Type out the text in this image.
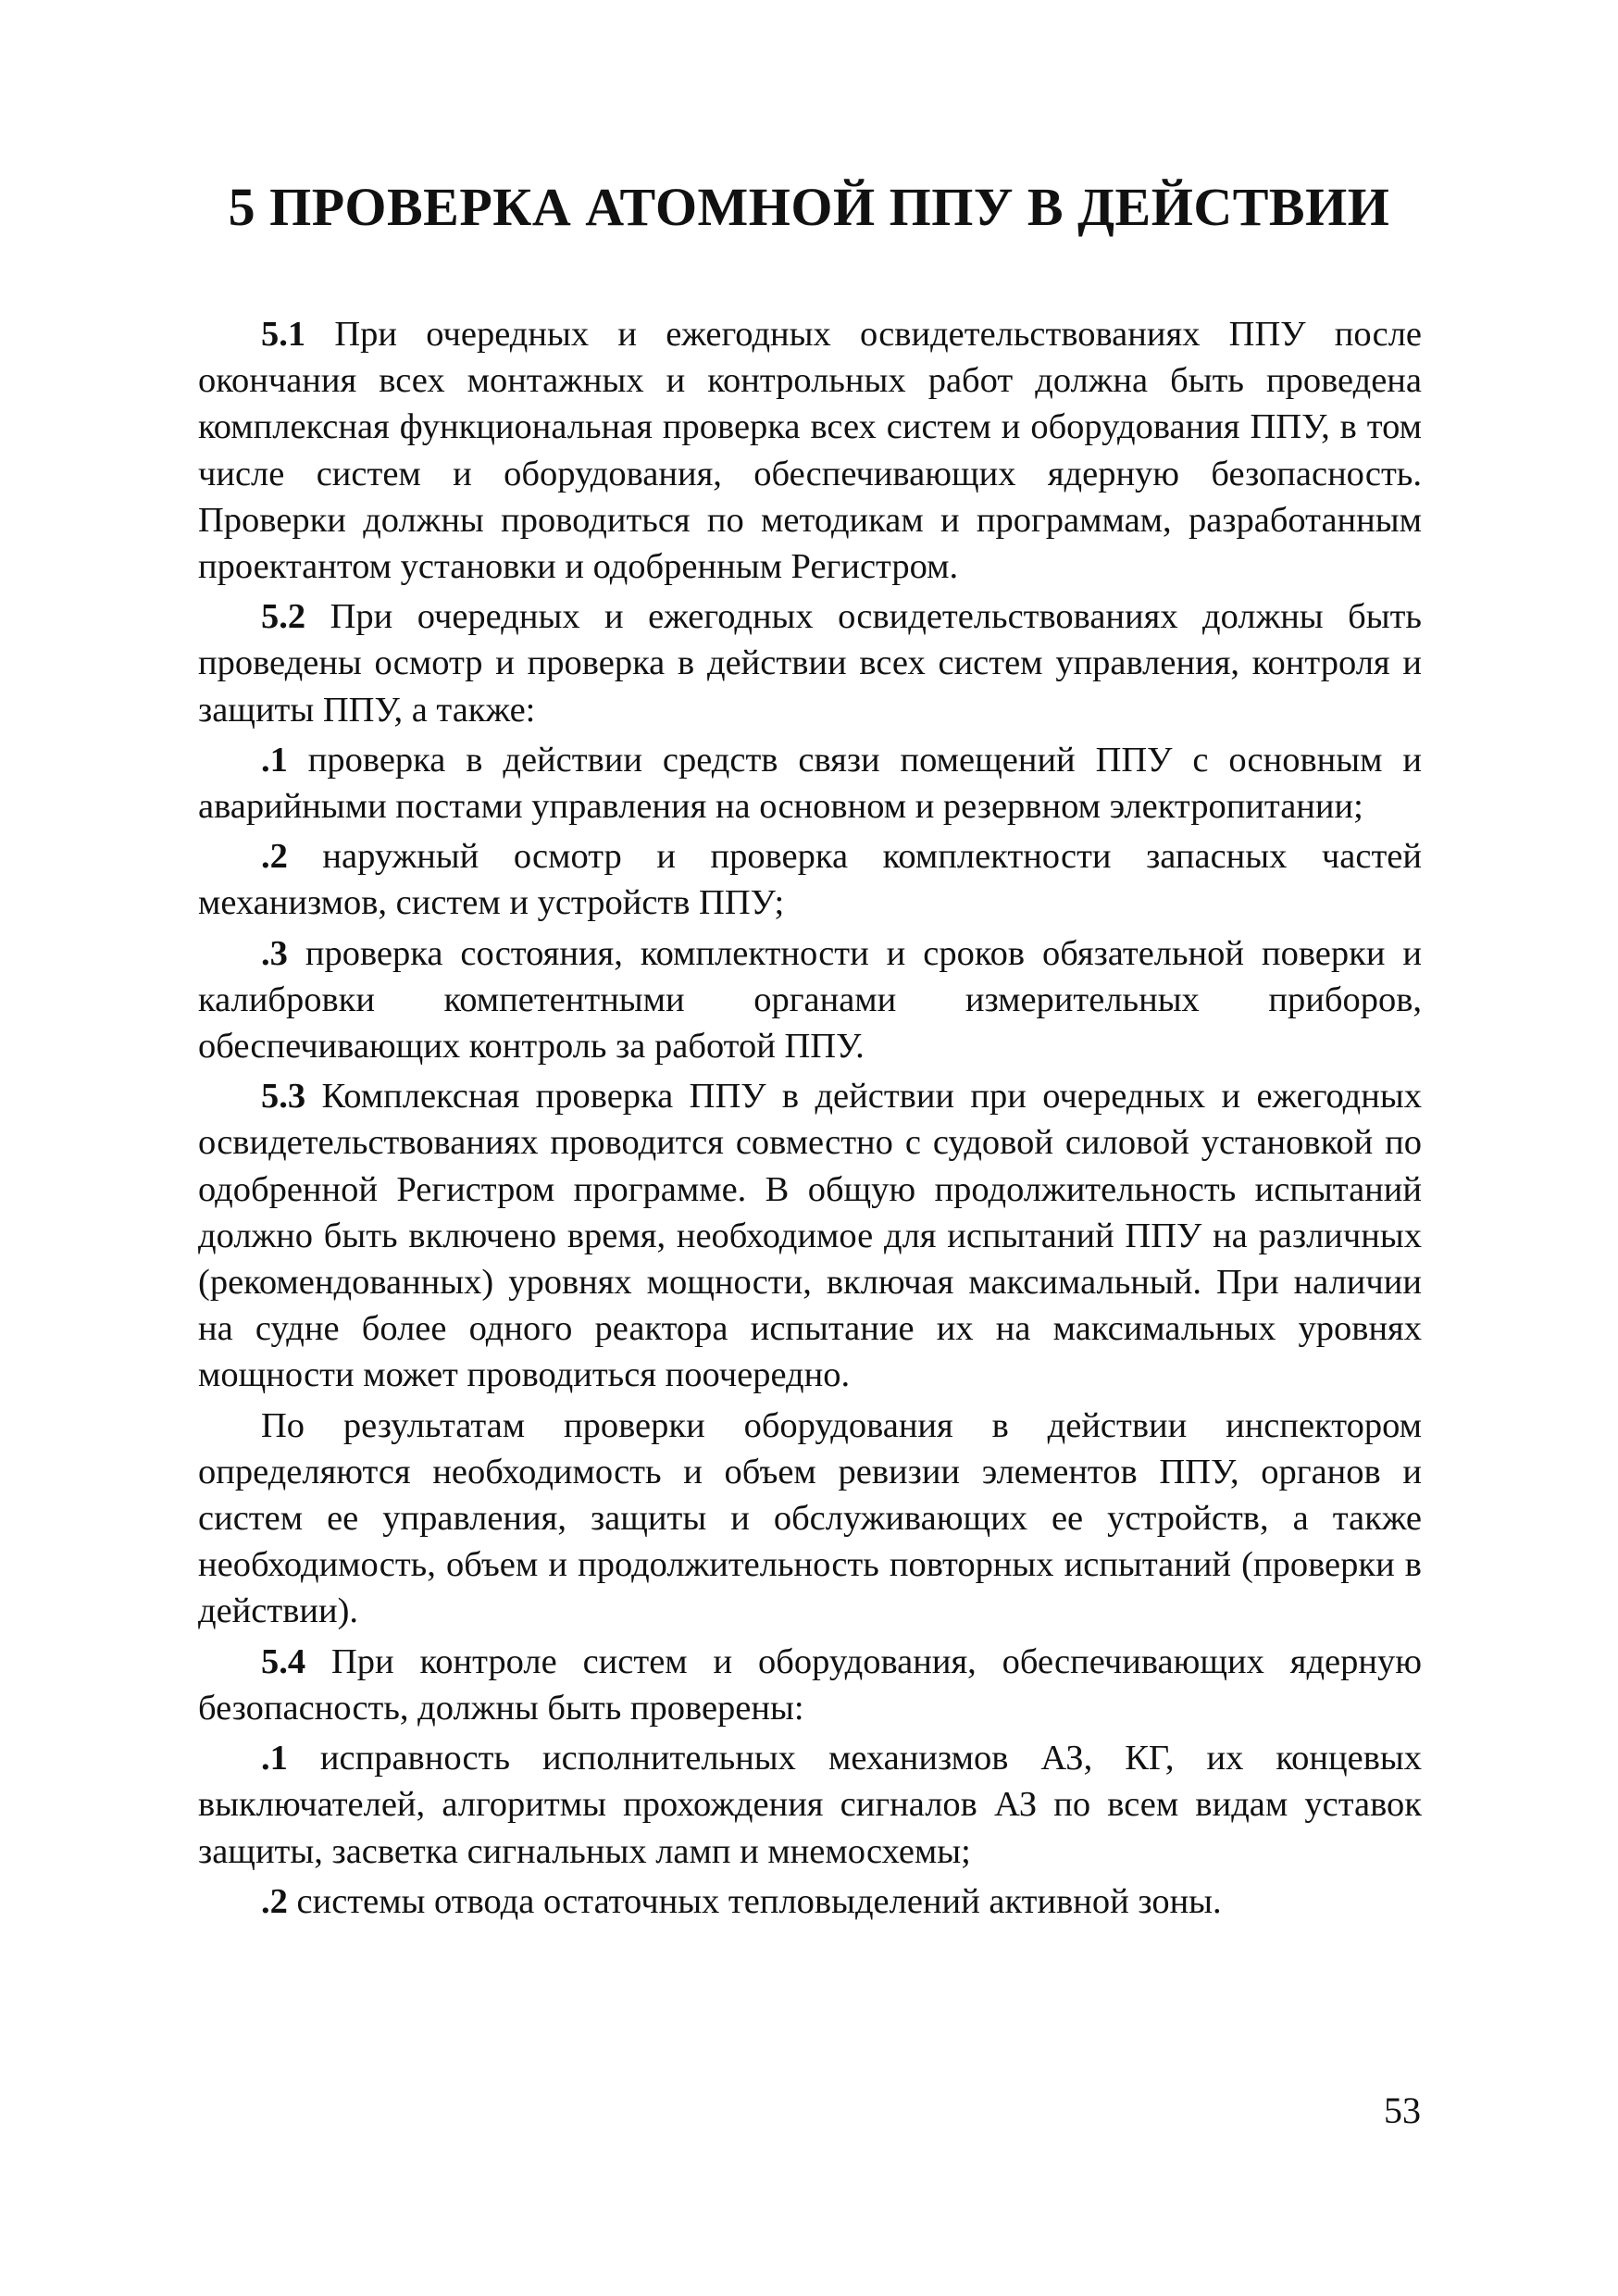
5 ПРОВЕРКА АТОМНОЙ ППУ В ДЕЙСТВИИ

5.1 При очередных и ежегодных освидетельствованиях ППУ после окончания всех монтажных и контрольных работ должна быть проведена комплексная функциональная проверка всех систем и оборудования ППУ, в том числе систем и оборудования, обеспечивающих ядерную безопасность. Проверки должны проводиться по методикам и программам, разработанным проектантом установки и одобренным Регистром.

5.2 При очередных и ежегодных освидетельствованиях должны быть проведены осмотр и проверка в действии всех систем управления, контроля и защиты ППУ, а также:

.1 проверка в действии средств связи помещений ППУ с основным и аварийными постами управления на основном и резервном электропитании;

.2 наружный осмотр и проверка комплектности запасных частей механизмов, систем и устройств ППУ;

.3 проверка состояния, комплектности и сроков обязательной поверки и калибровки компетентными органами измерительных приборов, обеспечивающих контроль за работой ППУ.

5.3 Комплексная проверка ППУ в действии при очередных и ежегодных освидетельствованиях проводится совместно с судовой силовой установкой по одобренной Регистром программе. В общую продолжительность испытаний должно быть включено время, необходимое для испытаний ППУ на различных (рекомендованных) уровнях мощности, включая максимальный. При наличии на судне более одного реактора испытание их на максимальных уровнях мощности может проводиться поочередно.

По результатам проверки оборудования в действии инспектором определяются необходимость и объем ревизии элементов ППУ, органов и систем ее управления, защиты и обслуживающих ее устройств, а также необходимость, объем и продолжительность повторных испытаний (проверки в действии).

5.4 При контроле систем и оборудования, обеспечивающих ядерную безопасность, должны быть проверены:

.1 исправность исполнительных механизмов АЗ, КГ, их концевых выключателей, алгоритмы прохождения сигналов АЗ по всем видам уставок защиты, засветка сигнальных ламп и мнемосхемы;

.2 системы отвода остаточных тепловыделений активной зоны.

53
